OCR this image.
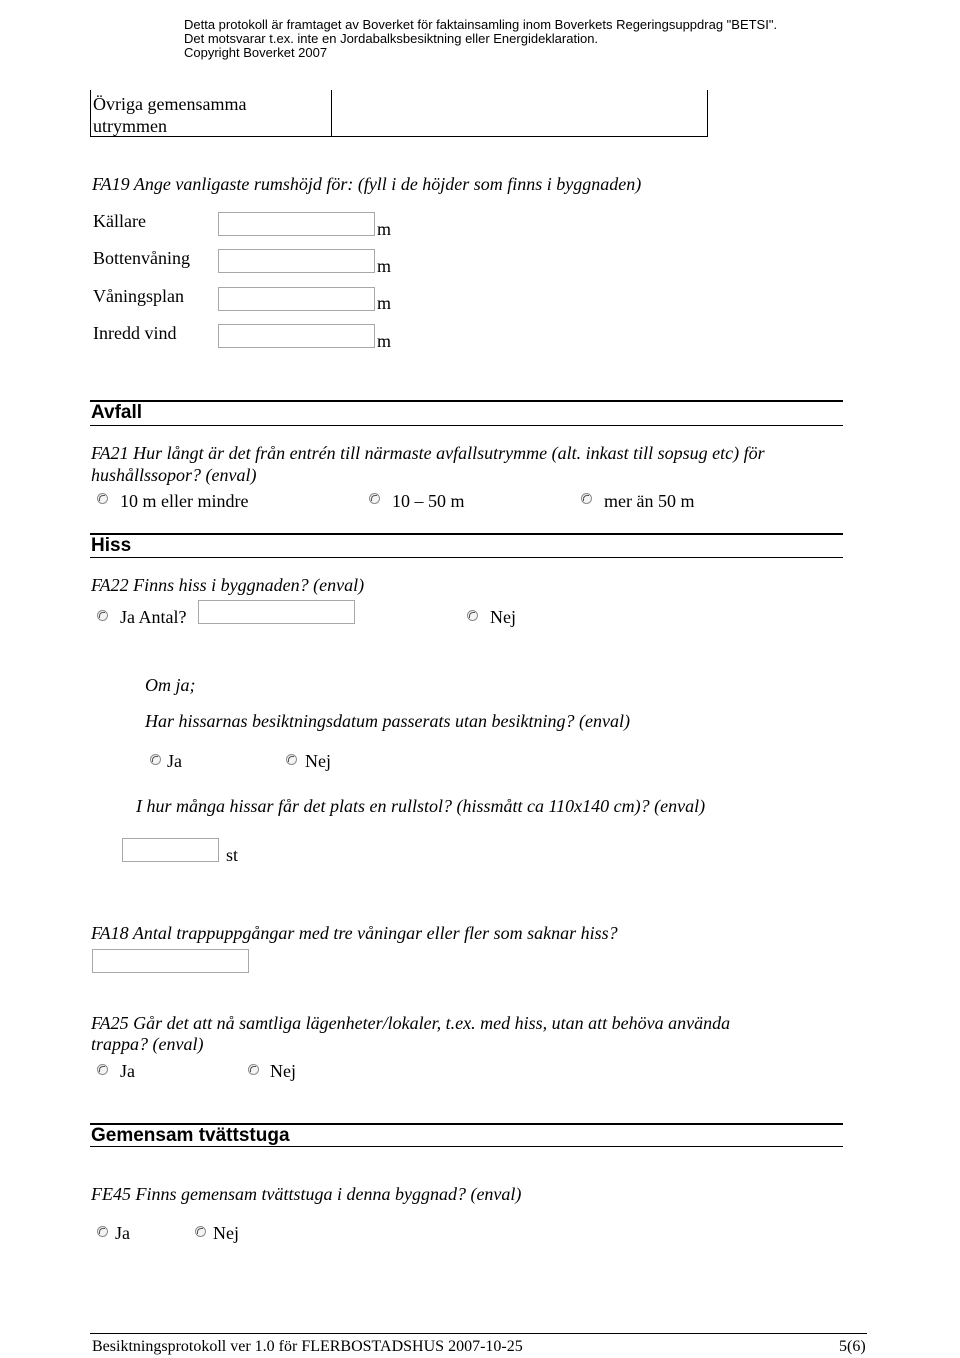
Detta protokoll är framtaget av Boverket för faktainsamling inom Boverkets Regeringsuppdrag "BETSI".
Det motsvarar t.ex. inte en Jordabalksbesiktning eller Energideklaration.
Copyright Boverket 2007
Övriga gemensamma
utrymmen
FA19 Ange vanligaste rumshöjd för: (fyll i de höjder som finns i byggnaden)
Källare	m
Bottenvåning	m
Våningsplan	m
Inredd vind	m
Avfall
FA21 Hur långt är det från entrén till närmaste avfallsutrymme (alt. inkast till sopsug etc) för
hushållssopor? (enval)
10 m eller mindre	10 – 50 m	mer än 50 m
Hiss
FA22 Finns hiss i byggnaden? (enval)
Ja Antal?	Nej
Om ja;
Har hissarnas besiktningsdatum passerats utan besiktning? (enval)
Ja	Nej
I hur många hissar får det plats en rullstol? (hissmått ca 110x140 cm)? (enval)
st
FA18 Antal trappuppgångar med tre våningar eller fler som saknar hiss?
FA25 Går det att nå samtliga lägenheter/lokaler, t.ex. med hiss, utan att behöva använda
trappa? (enval)
Ja	Nej
Gemensam tvättstuga
FE45 Finns gemensam tvättstuga i denna byggnad? (enval)
Ja	Nej
Besiktningsprotokoll ver 1.0 för FLERBOSTADSHUS 2007-10-25	5(6)
